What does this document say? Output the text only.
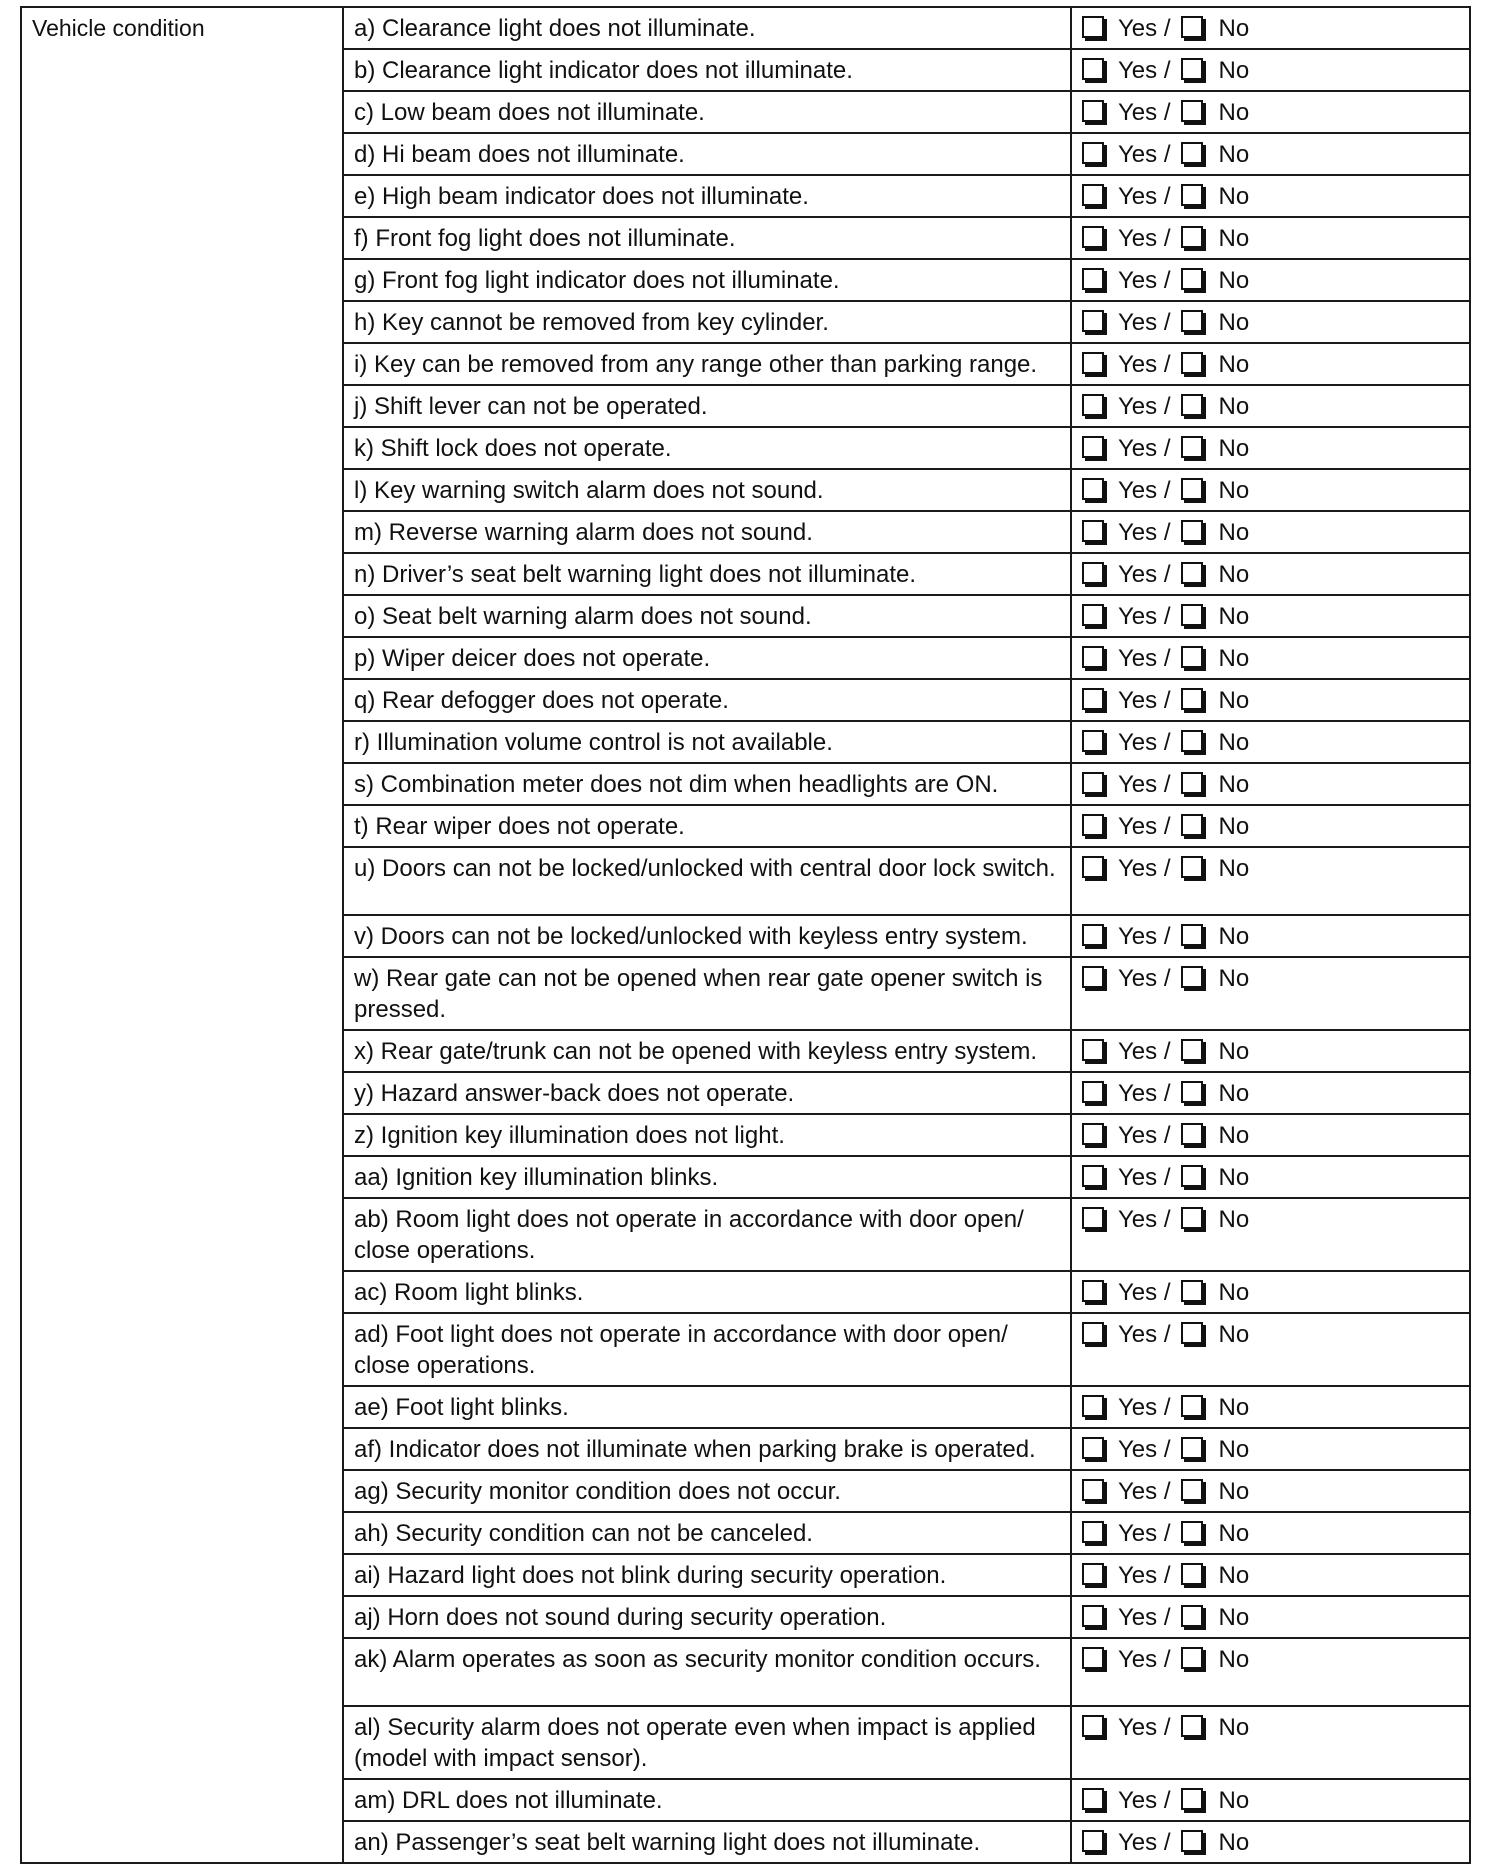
Vehicle condition	a) Clearance light does not illuminate.	Yes / No
	b) Clearance light indicator does not illuminate.	Yes / No
	c) Low beam does not illuminate.	Yes / No
	d) Hi beam does not illuminate.	Yes / No
	e) High beam indicator does not illuminate.	Yes / No
	f) Front fog light does not illuminate.	Yes / No
	g) Front fog light indicator does not illuminate.	Yes / No
	h) Key cannot be removed from key cylinder.	Yes / No
	i) Key can be removed from any range other than parking range.	Yes / No
	j) Shift lever can not be operated.	Yes / No
	k) Shift lock does not operate.	Yes / No
	l) Key warning switch alarm does not sound.	Yes / No
	m) Reverse warning alarm does not sound.	Yes / No
	n) Driver’s seat belt warning light does not illuminate.	Yes / No
	o) Seat belt warning alarm does not sound.	Yes / No
	p) Wiper deicer does not operate.	Yes / No
	q) Rear defogger does not operate.	Yes / No
	r) Illumination volume control is not available.	Yes / No
	s) Combination meter does not dim when headlights are ON.	Yes / No
	t) Rear wiper does not operate.	Yes / No
	u) Doors can not be locked/unlocked with central door lock switch.	Yes / No
	v) Doors can not be locked/unlocked with keyless entry system.	Yes / No
	w) Rear gate can not be opened when rear gate opener switch is pressed.	Yes / No
	x) Rear gate/trunk can not be opened with keyless entry system.	Yes / No
	y) Hazard answer-back does not operate.	Yes / No
	z) Ignition key illumination does not light.	Yes / No
	aa) Ignition key illumination blinks.	Yes / No
	ab) Room light does not operate in accordance with door open/ close operations.	Yes / No
	ac) Room light blinks.	Yes / No
	ad) Foot light does not operate in accordance with door open/ close operations.	Yes / No
	ae) Foot light blinks.	Yes / No
	af) Indicator does not illuminate when parking brake is operated.	Yes / No
	ag) Security monitor condition does not occur.	Yes / No
	ah) Security condition can not be canceled.	Yes / No
	ai) Hazard light does not blink during security operation.	Yes / No
	aj) Horn does not sound during security operation.	Yes / No
	ak) Alarm operates as soon as security monitor condition occurs.	Yes / No
	al) Security alarm does not operate even when impact is applied (model with impact sensor).	Yes / No
	am) DRL does not illuminate.	Yes / No
	an) Passenger’s seat belt warning light does not illuminate.	Yes / No
